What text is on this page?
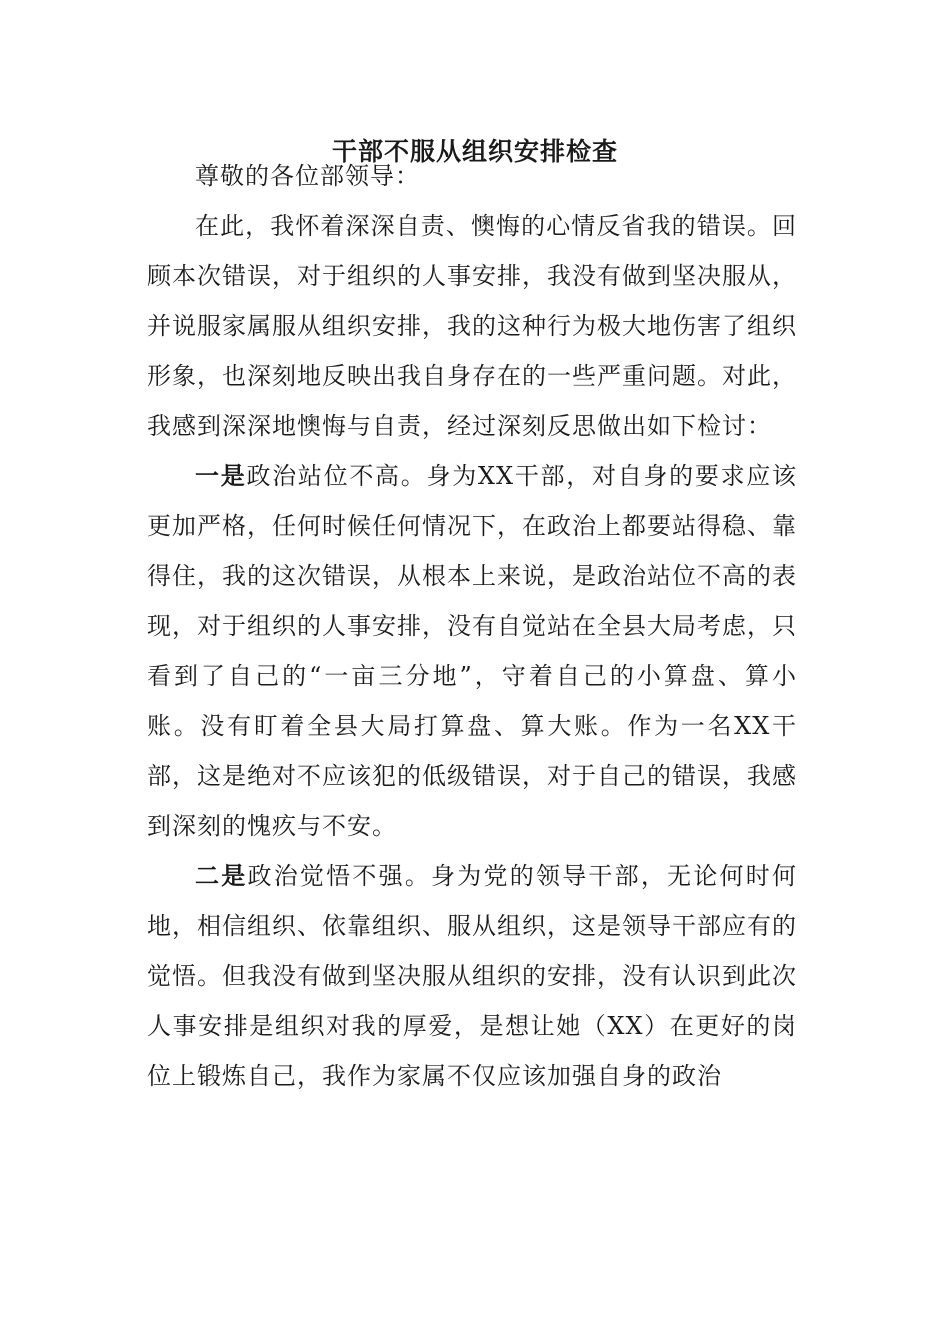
干部不服从组织安排检查

尊敬的各位部领导：

在此，我怀着深深自责、懊悔的心情反省我的错误。回顾本次错误，对于组织的人事安排，我没有做到坚决服从，并说服家属服从组织安排，我的这种行为极大地伤害了组织形象，也深刻地反映出我自身存在的一些严重问题。对此，我感到深深地懊悔与自责，经过深刻反思做出如下检讨：

一是政治站位不高。身为XX干部，对自身的要求应该更加严格，任何时候任何情况下，在政治上都要站得稳、靠得住，我的这次错误，从根本上来说，是政治站位不高的表现，对于组织的人事安排，没有自觉站在全县大局考虑，只看到了自己的“一亩三分地”，守着自己的小算盘、算小账。没有盯着全县大局打算盘、算大账。作为一名XX干部，这是绝对不应该犯的低级错误，对于自己的错误，我感到深刻的愧疚与不安。

二是政治觉悟不强。身为党的领导干部，无论何时何地，相信组织、依靠组织、服从组织，这是领导干部应有的觉悟。但我没有做到坚决服从组织的安排，没有认识到此次人事安排是组织对我的厚爱，是想让她（XX）在更好的岗位上锻炼自己，我作为家属不仅应该加强自身的政治
